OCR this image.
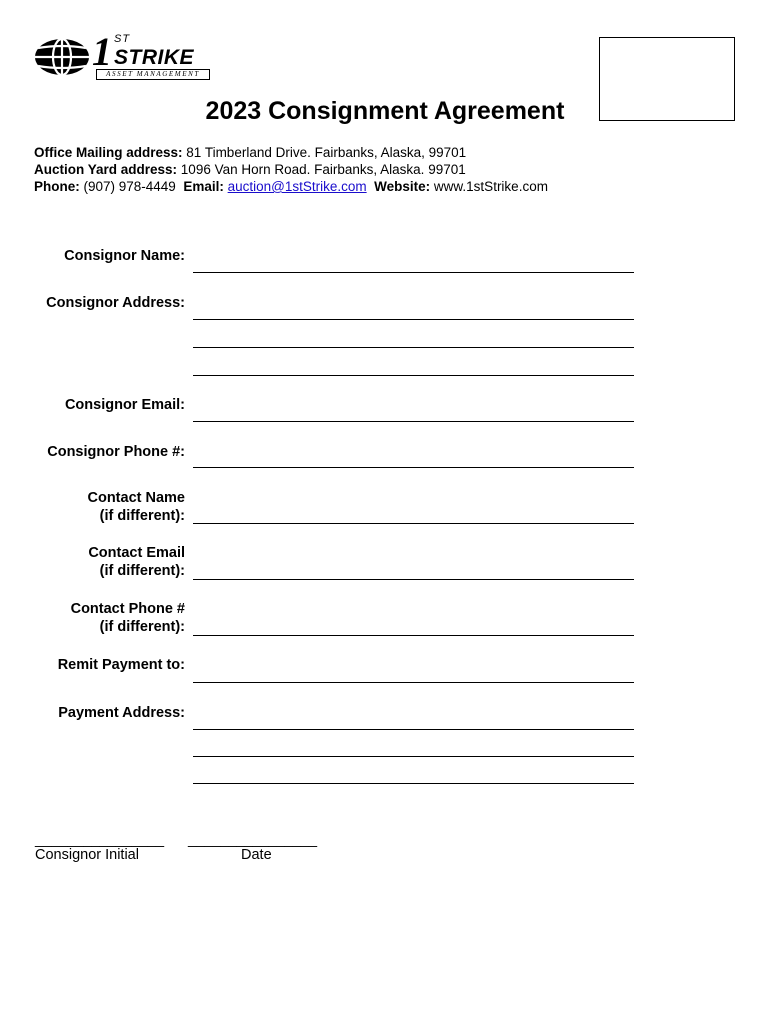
1 ST
STRIKE
ASSET MANAGEMENT
2023 Consignment Agreement
Office Mailing address: 81 Timberland Drive. Fairbanks, Alaska, 99701
Auction Yard address: 1096 Van Horn Road. Fairbanks, Alaska. 99701
Phone: (907) 978-4449 Email: auction@1stStrike.com Website: www.1stStrike.com
Consignor Name:
Consignor Address:
Consignor Email:
Consignor Phone #:
Contact Name
(if different):
Contact Email
(if different):
Contact Phone #
(if different):
Remit Payment to:
Payment Address:
________________ ________________
Consignor Initial	Date
